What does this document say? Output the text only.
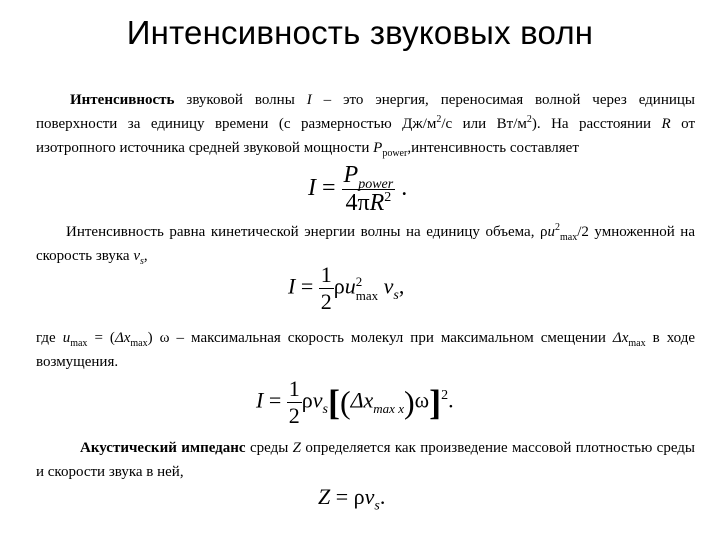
Интенсивность звуковых волн
Интенсивность звуковой волны I – это энергия, переносимая волной через единицы поверхности за единицу времени (с размерностью $Дж/м^2/с$ или $Вт/м^2$). На расстоянии R от изотропного источника средней звуковой мощности $P_{power},интенсивность$ составляет
$I = \frac{P_{power}}{4\pi R^2}$ .
Интенсивность равна кинетической энергии волны на единицу объема, $\rho u^2_{max}/2$ умноженной на скорость звука $v_s$,
$I = \frac{1}{2}$ ρu 2
$\max v_s$,
где $u_{max} = (\Delta x_{max})$ ω – максимальная скорость молекул при максимальном смещении $\Delta x_{max}$ в ходе возмущения.
$I = \frac{1}{2} \rho v_s[(\Delta x_{max x})\omega]^2$.
Акустический импеданс среды Z определяется как произведение массовой плотностью среды и скорости звука в ней,
$Z = \rho v_s$.
